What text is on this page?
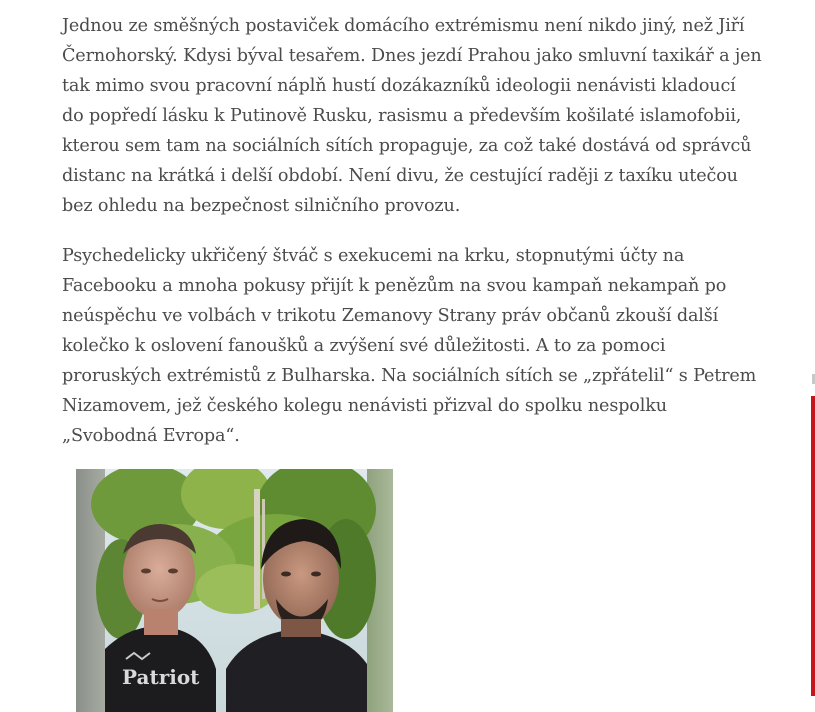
Jednou ze směšných postaviček domácího extrémismu není nikdo jiný, než Jiří Černohorský. Kdysi býval tesařem. Dnes jezdí Prahou jako smluvní taxikář a jen tak mimo svou pracovní náplň hustí dozákazníků ideologii nenávisti kladoucí do popředí lásku k Putinově Rusku, rasismu a především košilaté islamofobii, kterou sem tam na sociálních sítích propaguje, za což také dostává od správců distanc na krátká i delší období. Není divu, že cestující raději z taxíku utečou bez ohledu na bezpečnost silničního provozu.

Psychedelicky ukřičený štváč s exekucemi na krku, stopnutými účty na Facebooku a mnoha pokusy přijít k penězům na svou kampaň nekampaň po neúspěchu ve volbách v trikotu Zemanovy Strany práv občanů zkouší další kolečko k oslovení fanoušků a zvýšení své důležitosti. A to za pomoci proruských extrémistů z Bulharska. Na sociálních sítích se „zpřátelil“ s Petrem Nizamovem, jež českého kolegu nenávisti přizval do spolku nespolku „Svobodná Evropa“.

Patriot
